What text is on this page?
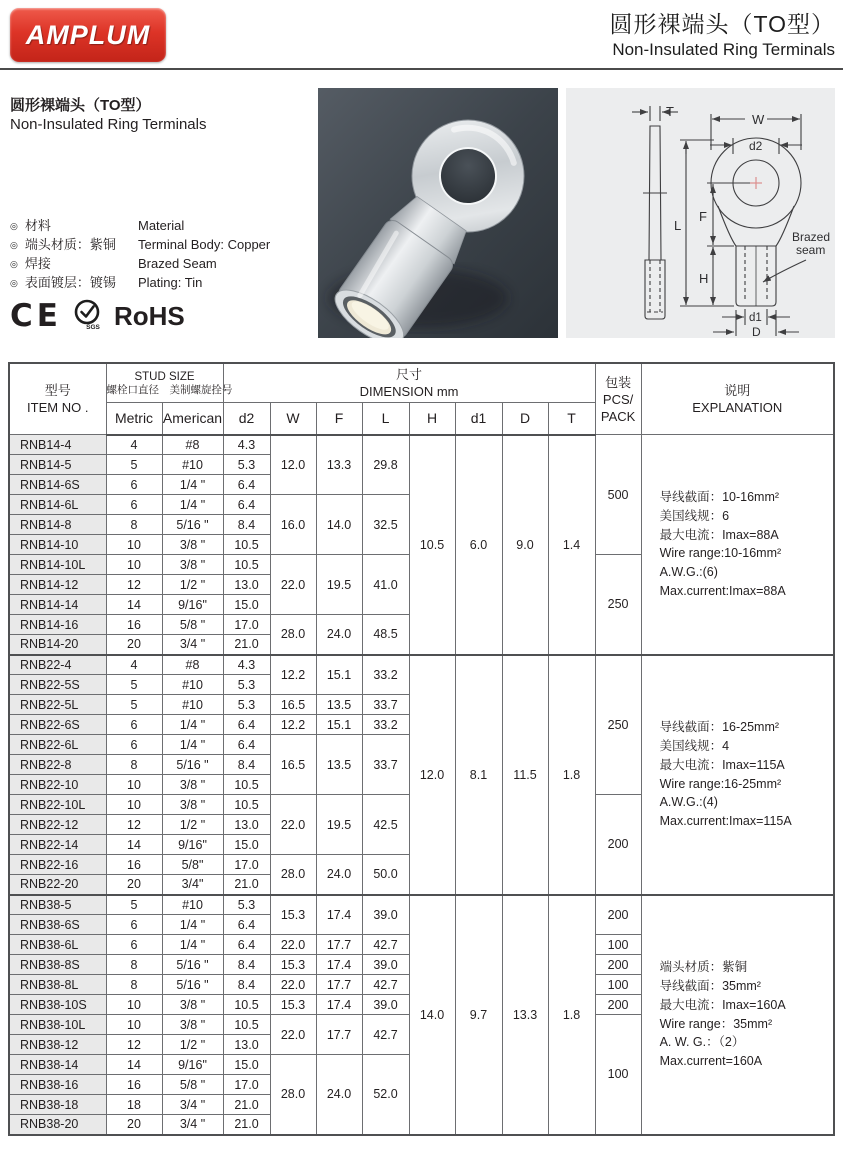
AMPLUM	圆形裸端头（TO型）
Non-Insulated Ring Terminals
圆形裸端头（TO型）
Non-Insulated Ring Terminals
◎ 材料	Material
◎ 端头材质：紫铜	Terminal Body: Copper
◎ 焊接	Brazed Seam
◎ 表面镀层：镀锡	Plating: Tin
CE	SGS RoHS
T
W
d2
L
F
H
d1
D
Brazed
seam
型号
ITEM NO .

STUD SIZE
螺栓口直径　美制螺旋拴号

尺寸
DIMENSION mm

包装
PCS/
PACK

说明
EXPLANATION

	Metric	American	d2	W	F	L	H	d1	D	T		
RNB14-4	4	#8	4.3	12.0	13.3	29.8	10.5	6.0	9.0	1.4	500	导线截面：10-16mm²
美国线规：6
最大电流：Imax=88A
Wire range:10-16mm²
A.W.G.:(6)
Max.current:Imax=88A

RNB14-5	5	#10	5.3									
RNB14-6S	6	1/4 "	6.4									
RNB14-6L	6	1/4 "	6.4	16.0	14.0	32.5						
RNB14-8	8	5/16 "	8.4									
RNB14-10	10	3/8 "	10.5									
RNB14-10L	10	3/8 "	10.5	22.0	19.5	41.0					250	
RNB14-12	12	1/2 "	13.0									
RNB14-14	14	9/16"	15.0									
RNB14-16	16	5/8 "	17.0	28.0	24.0	48.5						
RNB14-20	20	3/4 "	21.0									
RNB22-4	4	#8	4.3	12.2	15.1	33.2	12.0	8.1	11.5	1.8	250	导线截面：16-25mm²
美国线规：4
最大电流：Imax=115A
Wire range:16-25mm²
A.W.G.:(4)
Max.current:Imax=115A

RNB22-5S	5	#10	5.3									
RNB22-5L	5	#10	5.3	16.5	13.5	33.7						
RNB22-6S	6	1/4 "	6.4	12.2	15.1	33.2						
RNB22-6L	6	1/4 "	6.4	16.5	13.5	33.7						
RNB22-8	8	5/16 "	8.4									
RNB22-10	10	3/8 "	10.5									
RNB22-10L	10	3/8 "	10.5	22.0	19.5	42.5					200	
RNB22-12	12	1/2 "	13.0									
RNB22-14	14	9/16"	15.0									
RNB22-16	16	5/8"	17.0	28.0	24.0	50.0						
RNB22-20	20	3/4"	21.0									
RNB38-5	5	#10	5.3	15.3	17.4	39.0	14.0	9.7	13.3	1.8	200	
端头材质：紫铜
导线截面：35mm²
最大电流：Imax=160A
Wire range：35mm²
A. W. G.：（2）
Max.current=160A

RNB38-6S	6	1/4 "	6.4									
RNB38-6L	6	1/4 "	6.4	22.0	17.7	42.7					100	
RNB38-8S	8	5/16 "	8.4	15.3	17.4	39.0					200	
RNB38-8L	8	5/16 "	8.4	22.0	17.7	42.7					100	
RNB38-10S	10	3/8 "	10.5	15.3	17.4	39.0					200	
RNB38-10L	10	3/8 "	10.5	22.0	17.7	42.7					100	
RNB38-12	12	1/2 "	13.0									
RNB38-14	14	9/16"	15.0	28.0	24.0	52.0						
RNB38-16	16	5/8 "	17.0									
RNB38-18	18	3/4 "	21.0									
RNB38-20	20	3/4 "	21.0									
